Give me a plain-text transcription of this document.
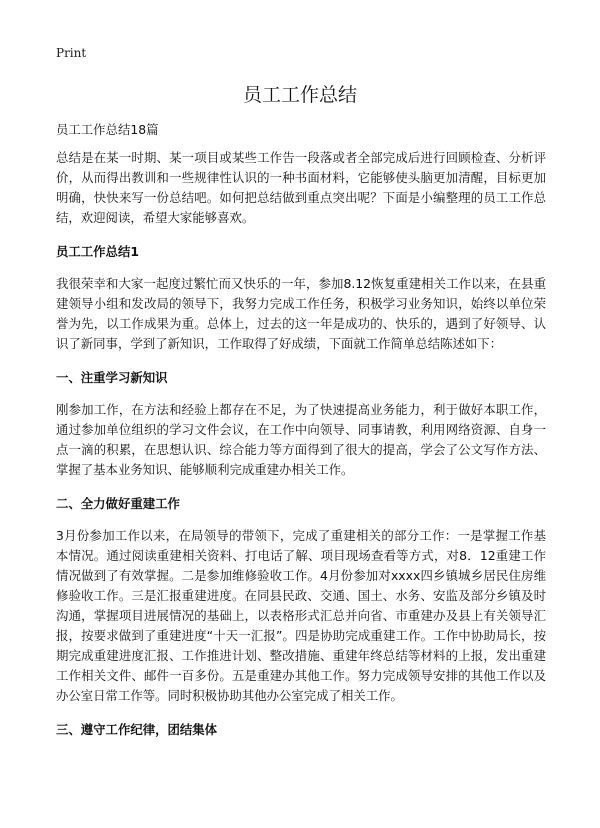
Print
员工工作总结

员工工作总结18篇

总结是在某一时期、某一项目或某些工作告一段落或者全部完成后进行回顾检查、分析评价，从而得出教训和一些规律性认识的一种书面材料，它能够使头脑更加清醒，目标更加明确，快快来写一份总结吧。如何把总结做到重点突出呢？下面是小编整理的员工工作总结，欢迎阅读，希望大家能够喜欢。

员工工作总结1

我很荣幸和大家一起度过繁忙而又快乐的一年，参加8.12恢复重建相关工作以来，在县重建领导小组和发改局的领导下，我努力完成工作任务，积极学习业务知识，始终以单位荣誉为先，以工作成果为重。总体上，过去的这一年是成功的、快乐的，遇到了好领导、认识了新同事，学到了新知识，工作取得了好成绩，下面就工作简单总结陈述如下：

一、注重学习新知识

刚参加工作，在方法和经验上都存在不足，为了快速提高业务能力，利于做好本职工作，通过参加单位组织的学习文件会议，在工作中向领导、同事请教，利用网络资源、自身一点一滴的积累，在思想认识、综合能力等方面得到了很大的提高，学会了公文写作方法、掌握了基本业务知识、能够顺利完成重建办相关工作。

二、全力做好重建工作

3月份参加工作以来，在局领导的带领下，完成了重建相关的部分工作：一是掌握工作基本情况。通过阅读重建相关资料、打电话了解、项目现场查看等方式，对8．12重建工作情况做到了有效掌握。二是参加维修验收工作。4月份参加对xxxx四乡镇城乡居民住房维修验收工作。三是汇报重建进度。在同县民政、交通、国土、水务、安监及部分乡镇及时沟通，掌握项目进展情况的基础上，以表格形式汇总并向省、市重建办及县上有关领导汇报，按要求做到了重建进度“十天一汇报”。四是协助完成重建工作。工作中协助局长，按期完成重建进度汇报、工作推进计划、整改措施、重建年终总结等材料的上报，发出重建工作相关文件、邮件一百多份。五是重建办其他工作。努力完成领导安排的其他工作以及办公室日常工作等。同时积极协助其他办公室完成了相关工作。

三、遵守工作纪律，团结集体
